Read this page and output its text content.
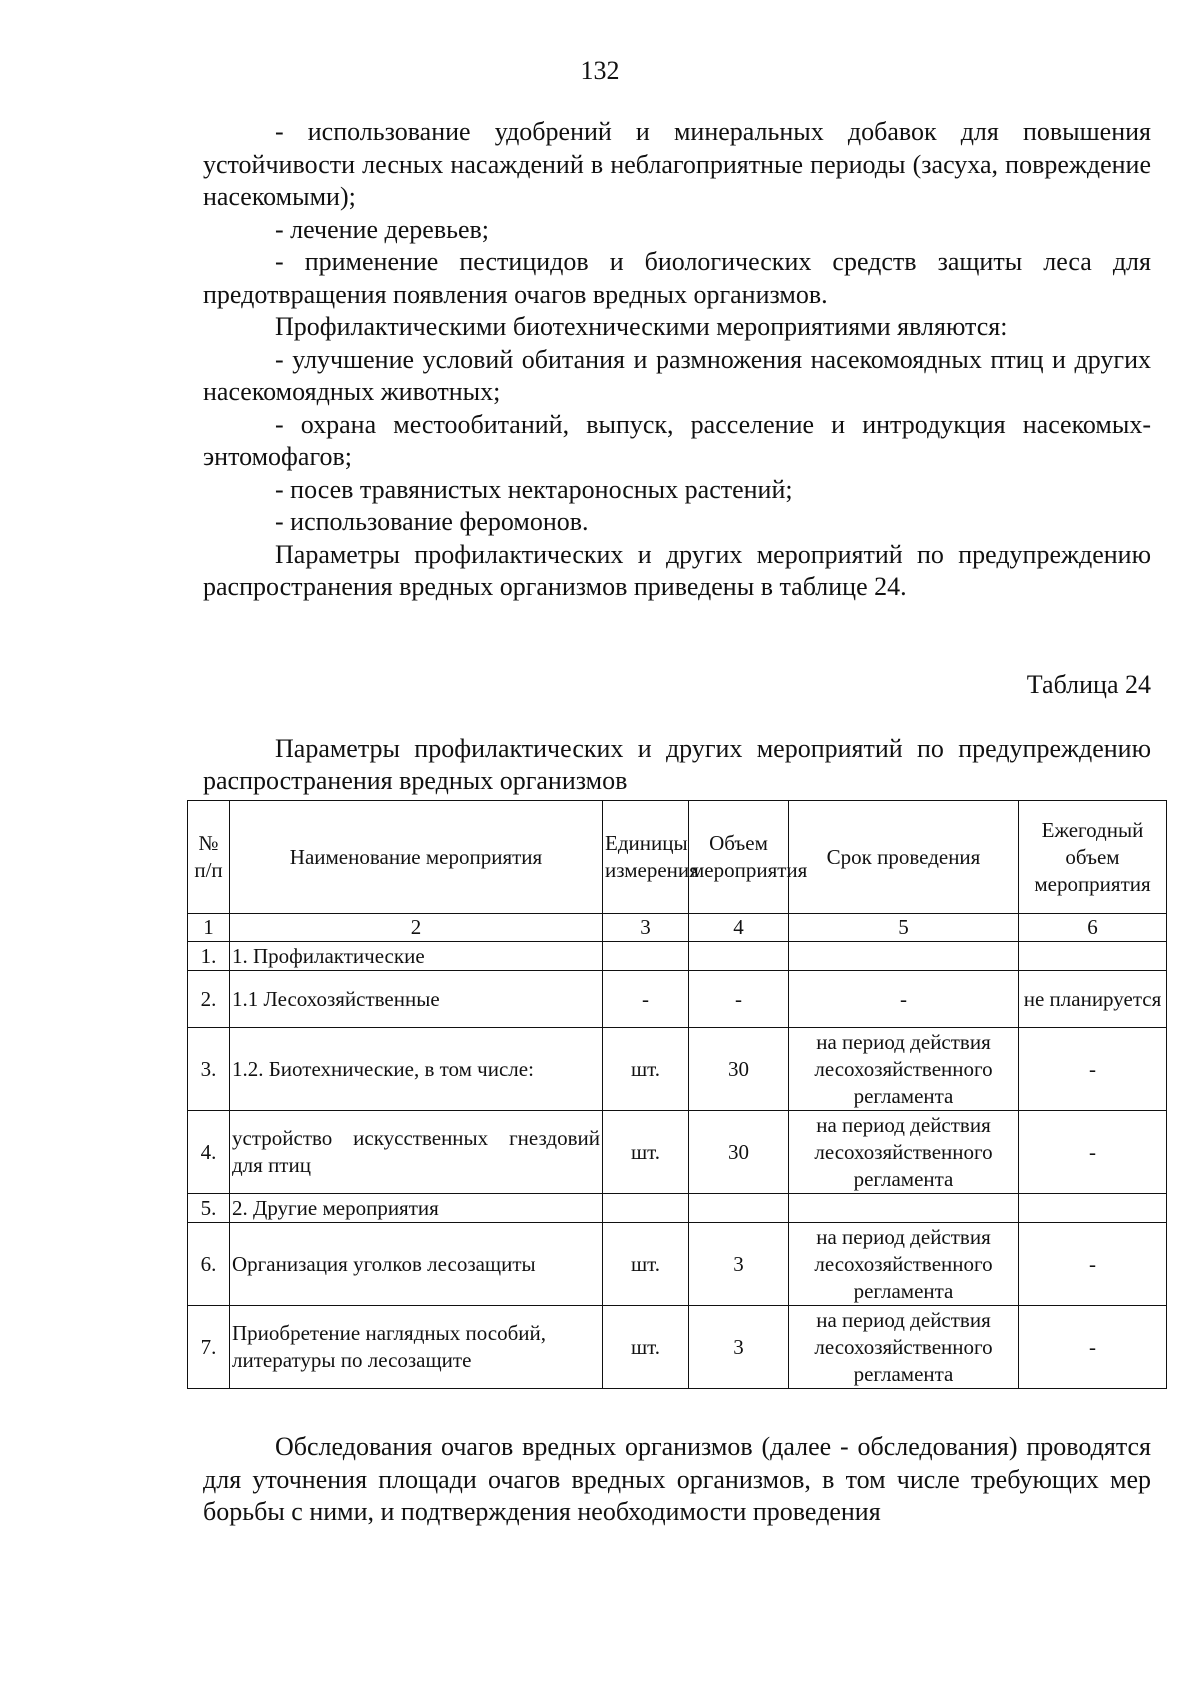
132

- использование удобрений и минеральных добавок для повышения устойчивости лесных насаждений в неблагоприятные периоды (засуха, повреждение насекомыми);

- лечение деревьев;

- применение пестицидов и биологических средств защиты леса для предотвращения появления очагов вредных организмов.

Профилактическими биотехническими мероприятиями являются:

- улучшение условий обитания и размножения насекомоядных птиц и других насекомоядных животных;

- охрана местообитаний, выпуск, расселение и интродукция насекомых-энтомофагов;

- посев травянистых нектароносных растений;

- использование феромонов.

Параметры профилактических и других мероприятий по предупреждению распространения вредных организмов приведены в таблице 24.

Таблица 24

Параметры профилактических и других мероприятий по предупреждению распространения вредных организмов

№ п/п	Наименование мероприятия	Единицы измерения	Объем мероприятия	Срок проведения	Ежегодный объем мероприятия
1	2	3	4	5	6
1.	1. Профилактические				
2.	1.1 Лесохозяйственные	-	-	-	не планируется
3.	1.2. Биотехнические, в том числе:	шт.	30	на период действия лесохозяйственного регламента	-
4.	устройство искусственных гнездовий для птиц	шт.	30	на период действия лесохозяйственного регламента	-
5.	2. Другие мероприятия				
6.	Организация уголков лесозащиты	шт.	3	на период действия лесохозяйственного регламента	-
7.	Приобретение наглядных пособий, литературы по лесозащите	шт.	3	на период действия лесохозяйственного регламента	-

Обследования очагов вредных организмов (далее - обследования) проводятся для уточнения площади очагов вредных организмов, в том числе требующих мер борьбы с ними, и подтверждения необходимости проведения
